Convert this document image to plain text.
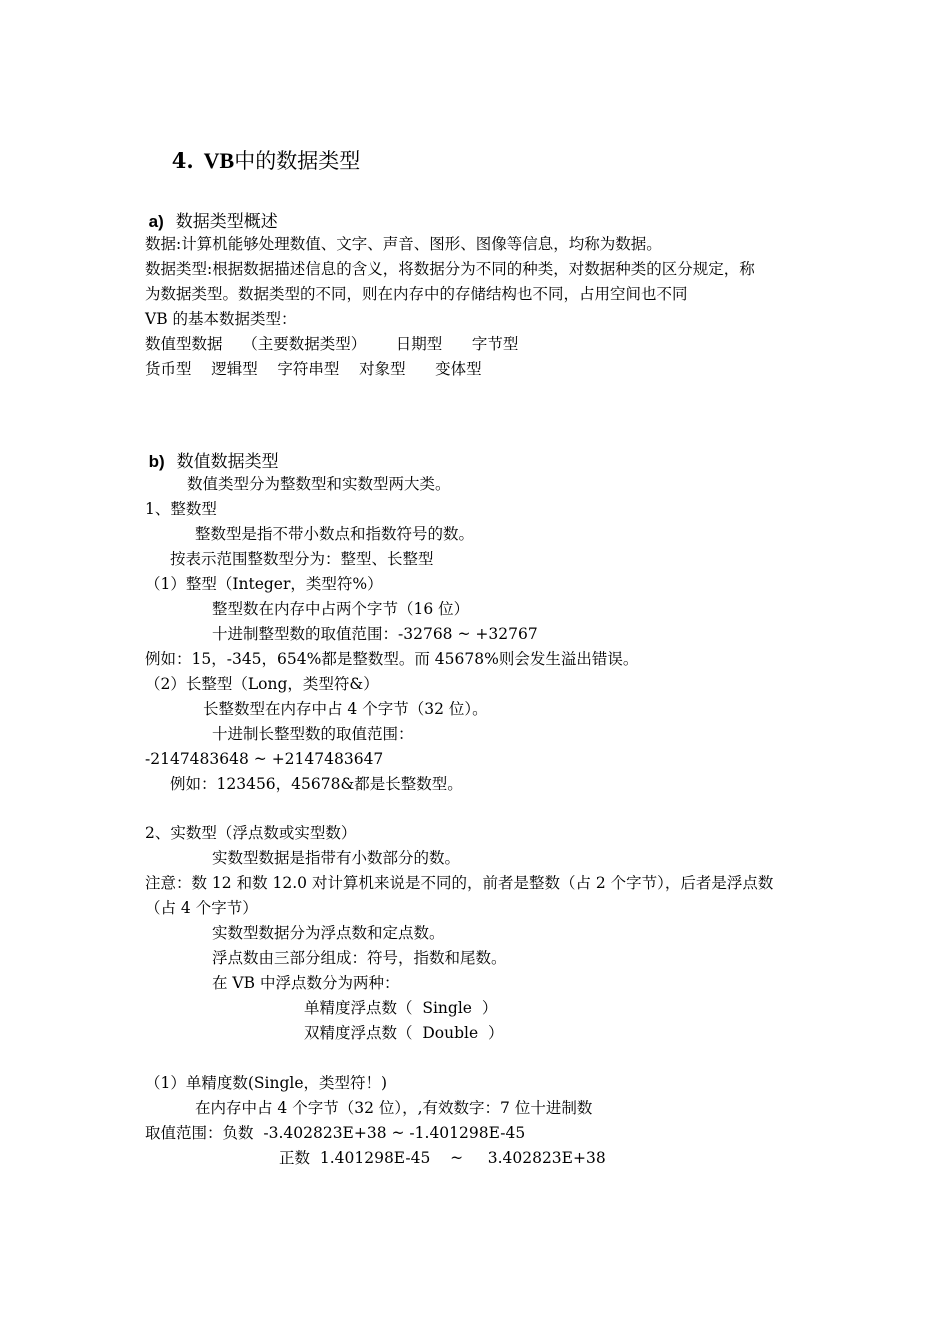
4. VB中的数据类型

a) 数据类型概述

数据:计算机能够处理数值、文字、声音、图形、图像等信息，均称为数据。
数据类型:根据数据描述信息的含义，将数据分为不同的种类，对数据种类的区分规定，称
为数据类型。数据类型的不同，则在内存中的存储结构也不同，占用空间也不同
VB 的基本数据类型：
数值型数据    （主要数据类型）      日期型      字节型
货币型    逻辑型    字符串型    对象型      变体型

b) 数值数据类型

数值类型分为整数型和实数型两大类。
1、整数型
整数型是指不带小数点和指数符号的数。
按表示范围整数型分为：整型、长整型
（1）整型（Integer，类型符%）
整型数在内存中占两个字节（16 位）
十进制整型数的取值范围：-32768 ~ +32767
例如：15，-345，654%都是整数型。而 45678%则会发生溢出错误。
（2）长整型（Long，类型符&）
长整数型在内存中占 4 个字节（32 位）。
十进制长整型数的取值范围：
-2147483648 ~ +2147483647
例如：123456，45678&都是长整数型。
2、实数型（浮点数或实型数）
实数型数据是指带有小数部分的数。
注意：数 12 和数 12.0 对计算机来说是不同的，前者是整数（占 2 个字节），后者是浮点数
（占 4 个字节）
实数型数据分为浮点数和定点数。
浮点数由三部分组成：符号，指数和尾数。
在 VB 中浮点数分为两种：
单精度浮点数（  Single  ）
双精度浮点数（  Double  ）
（1）单精度数(Single，类型符！)
在内存中占 4 个字节（32 位），,有效数字：7 位十进制数
取值范围：负数  -3.402823E+38 ~ -1.401298E-45
正数  1.401298E-45    ~     3.402823E+38
